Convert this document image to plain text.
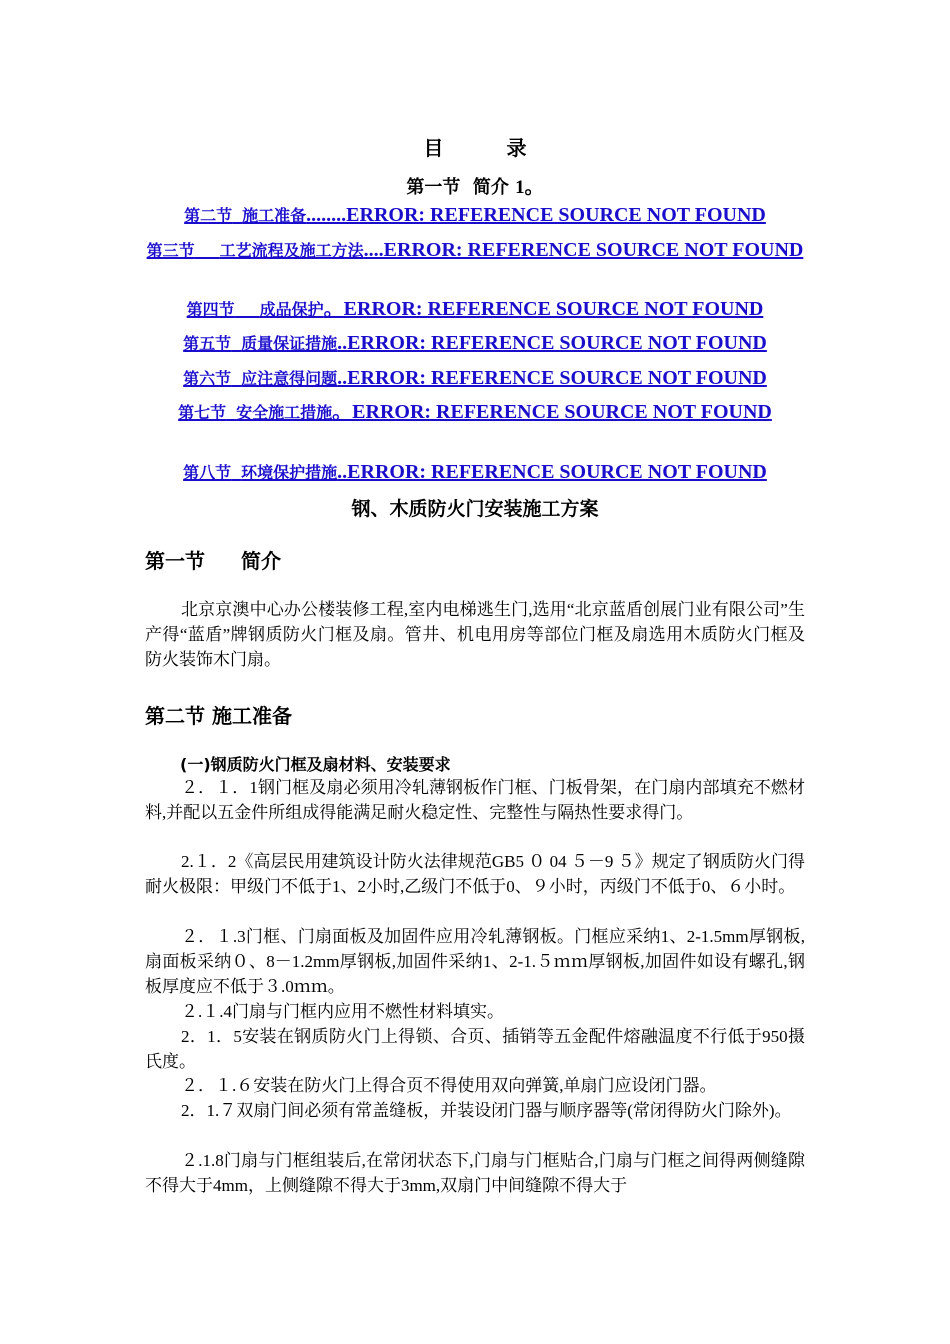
目 录
第一节 简介 1。
第二节 施工准备........ERROR: REFERENCE SOURCE NOT FOUND
第三节 工艺流程及施工方法....ERROR: REFERENCE SOURCE NOT FOUND
第四节 成品保护。ERROR: REFERENCE SOURCE NOT FOUND
第五节 质量保证措施..ERROR: REFERENCE SOURCE NOT FOUND
第六节 应注意得问题..ERROR: REFERENCE SOURCE NOT FOUND
第七节 安全施工措施。ERROR: REFERENCE SOURCE NOT FOUND
第八节 环境保护措施..ERROR: REFERENCE SOURCE NOT FOUND
钢、木质防火门安装施工方案
第一节 简介
北京京澳中心办公楼装修工程,室内电梯逃生门,选用“北京蓝盾创展门业有限公司”生产得“蓝盾”牌钢质防火门框及扇。管井、机电用房等部位门框及扇选用木质防火门框及防火装饰木门扇。
第二节 施工准备
(一)钢质防火门框及扇材料、安装要求
２．１．1钢门框及扇必须用冷轧薄钢板作门框、门板骨架，在门扇内部填充不燃材料,并配以五金件所组成得能满足耐火稳定性、完整性与隔热性要求得门。
2.１．2《高层民用建筑设计防火法律规范GB5 ０ 04 ５－9 ５》规定了钢质防火门得耐火极限：甲级门不低于1、2小时,乙级门不低于0、９小时，丙级门不低于0、６小时。
２．１.3门框、门扇面板及加固件应用冷轧薄钢板。门框应采纳1、2-1.5mm厚钢板,扇面板采纳０、8－1.2mm厚钢板,加固件采纳1、2-1.５ｍｍ厚钢板,加固件如设有螺孔,钢板厚度应不低于３.0ｍｍ。
２.１.4门扇与门框内应用不燃性材料填实。
2．1．5安装在钢质防火门上得锁、合页、插销等五金配件熔融温度不行低于950摄氏度。
２．１.６安装在防火门上得合页不得使用双向弹簧,单扇门应设闭门器。
2．1.７双扇门间必须有常盖缝板，并装设闭门器与顺序器等(常闭得防火门除外)。
２.1.8门扇与门框组装后,在常闭状态下,门扇与门框贴合,门扇与门框之间得两侧缝隙不得大于4mm，上侧缝隙不得大于3mm,双扇门中间缝隙不得大于
